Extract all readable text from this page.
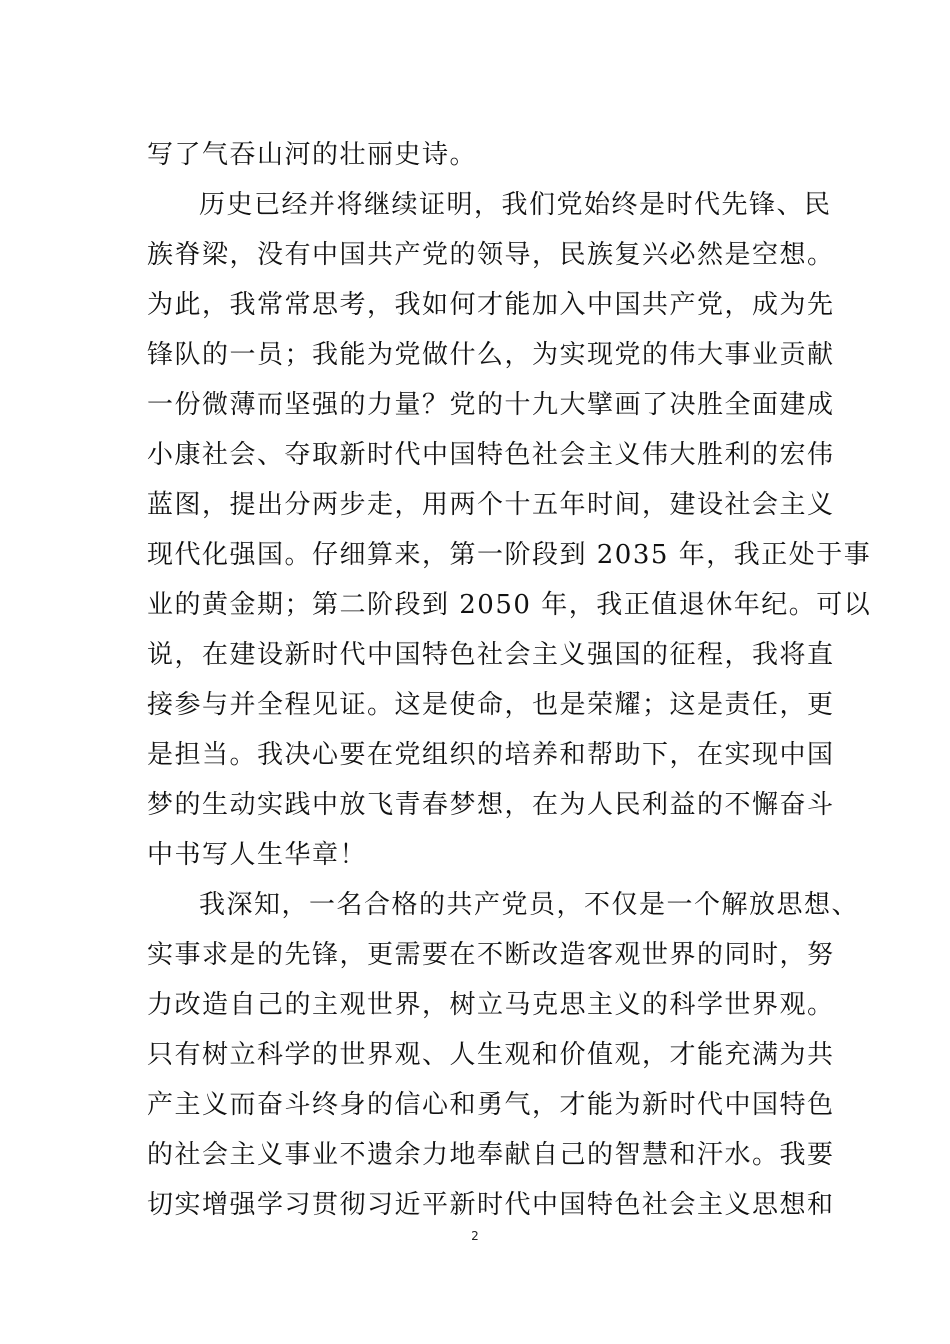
写了气吞山河的壮丽史诗。
历史已经并将继续证明，我们党始终是时代先锋、民
族脊梁，没有中国共产党的领导，民族复兴必然是空想。
为此，我常常思考，我如何才能加入中国共产党，成为先
锋队的一员；我能为党做什么，为实现党的伟大事业贡献
一份微薄而坚强的力量？党的十九大擘画了决胜全面建成
小康社会、夺取新时代中国特色社会主义伟大胜利的宏伟
蓝图，提出分两步走，用两个十五年时间，建设社会主义
现代化强国。仔细算来，第一阶段到 2035 年，我正处于事
业的黄金期；第二阶段到 2050 年，我正值退休年纪。可以
说，在建设新时代中国特色社会主义强国的征程，我将直
接参与并全程见证。这是使命，也是荣耀；这是责任，更
是担当。我决心要在党组织的培养和帮助下，在实现中国
梦的生动实践中放飞青春梦想，在为人民利益的不懈奋斗
中书写人生华章！
我深知，一名合格的共产党员，不仅是一个解放思想、
实事求是的先锋，更需要在不断改造客观世界的同时，努
力改造自己的主观世界，树立马克思主义的科学世界观。
只有树立科学的世界观、人生观和价值观，才能充满为共
产主义而奋斗终身的信心和勇气，才能为新时代中国特色
的社会主义事业不遗余力地奉献自己的智慧和汗水。我要
切实增强学习贯彻习近平新时代中国特色社会主义思想和
2
